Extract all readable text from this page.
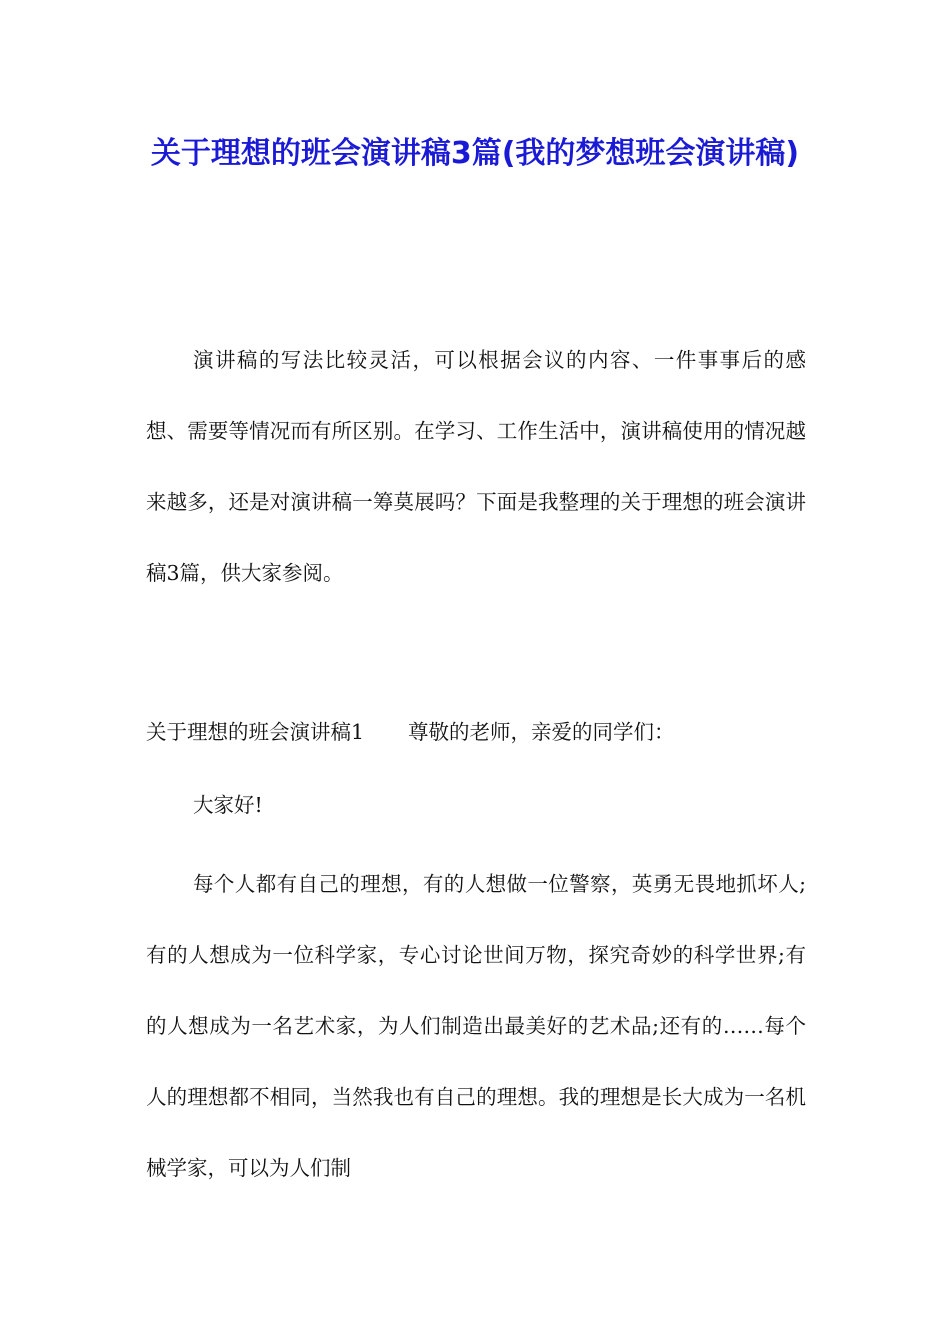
关于理想的班会演讲稿3篇(我的梦想班会演讲稿)

演讲稿的写法比较灵活，可以根据会议的内容、一件事事后的感想、需要等情况而有所区别。在学习、工作生活中，演讲稿使用的情况越来越多，还是对演讲稿一筹莫展吗？下面是我整理的关于理想的班会演讲稿3篇，供大家参阅。

关于理想的班会演讲稿1 尊敬的老师，亲爱的同学们：

大家好!

每个人都有自己的理想，有的人想做一位警察，英勇无畏地抓坏人;有的人想成为一位科学家，专心讨论世间万物，探究奇妙的科学世界;有的人想成为一名艺术家，为人们制造出最美好的艺术品;还有的……每个人的理想都不相同，当然我也有自己的理想。我的理想是长大成为一名机械学家，可以为人们制
